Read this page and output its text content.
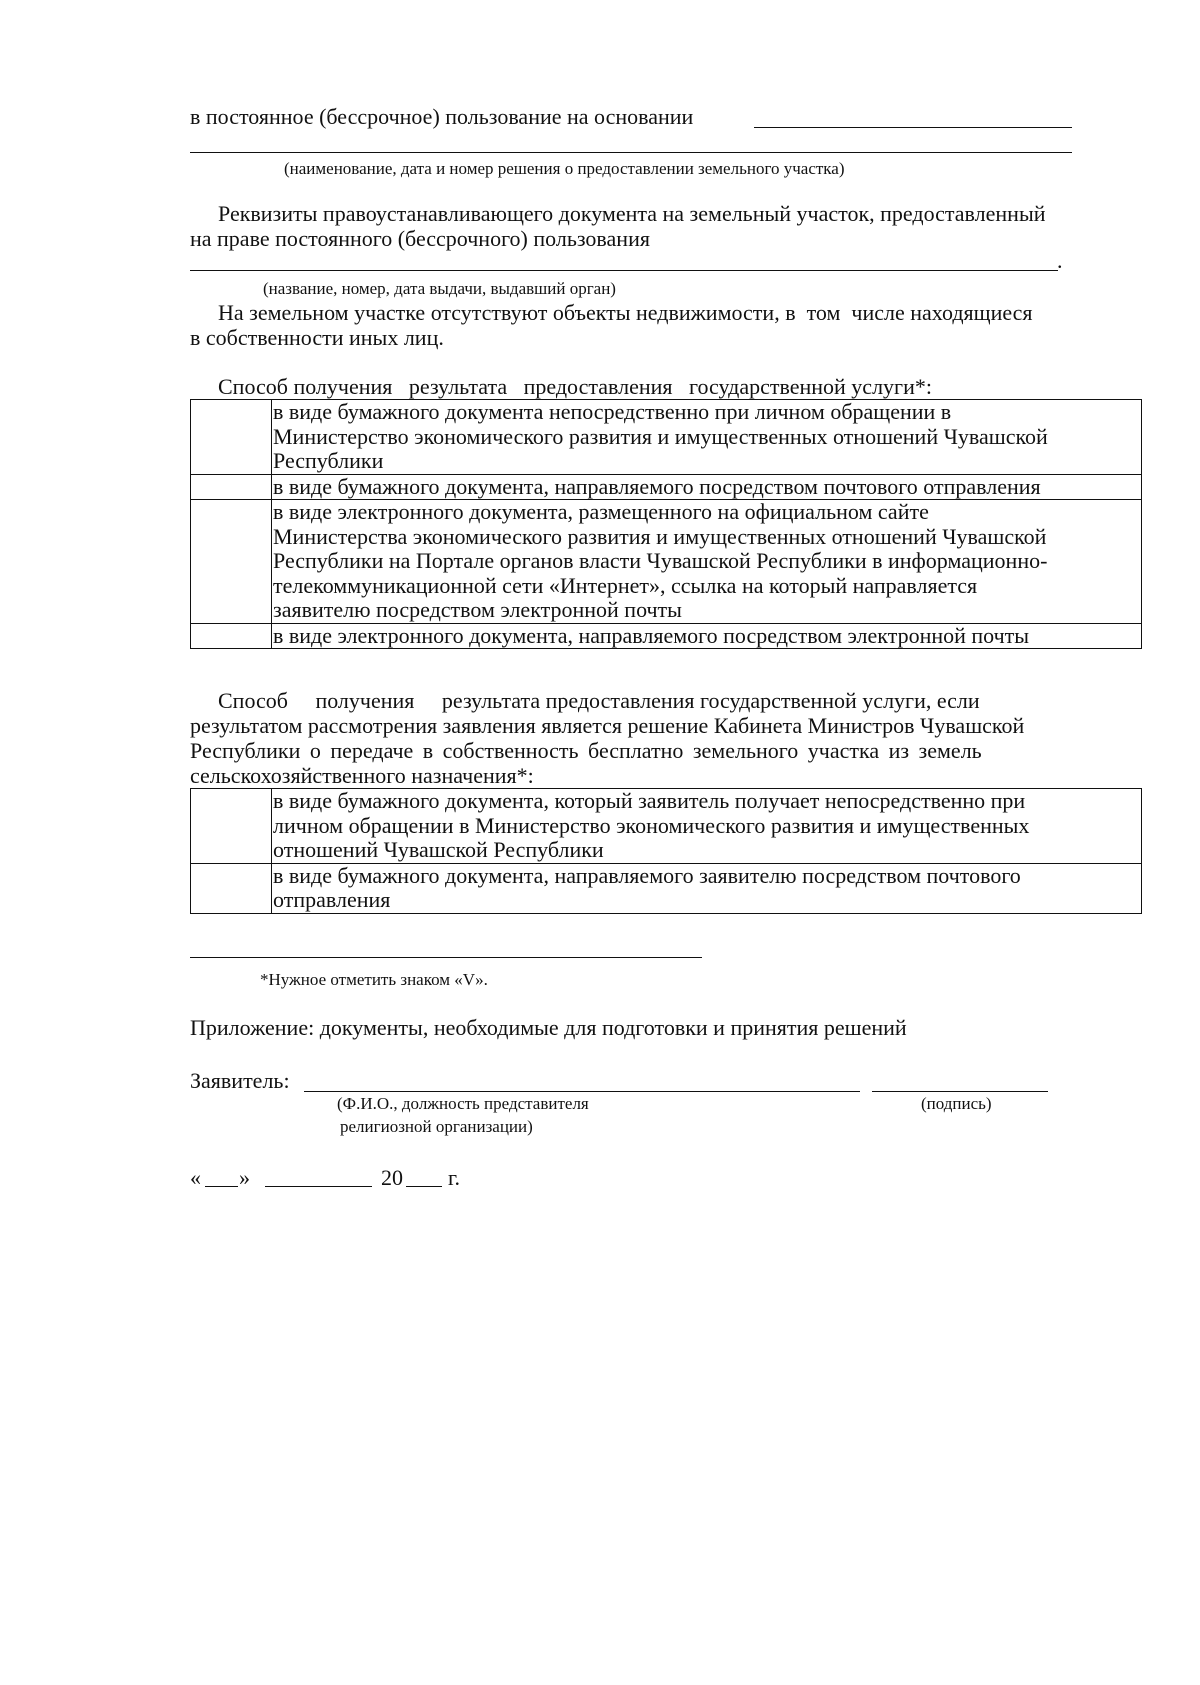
в постоянное (бессрочное) пользование на основании
(наименование, дата и номер решения о предоставлении земельного участка)
Реквизиты правоустанавливающего документа на земельный участок, предоставленный
на праве постоянного (бессрочного) пользования
.
(название, номер, дата выдачи, выдавший орган)
На земельном участке отсутствуют объекты недвижимости, в  том  числе находящиеся
в собственности иных лиц.
Способ получения   результата   предоставления   государственной услуги*:

	в виде бумажного документа непосредственно при личном обращении в
Министерство экономического развития и имущественных отношений Чувашской
Республики

	в виде бумажного документа, направляемого посредством почтового отправления

	в виде электронного документа, размещенного на официальном сайте
Министерства экономического развития и имущественных отношений Чувашской
Республики на Портале органов власти Чувашской Республики в информационно-
телекоммуникационной сети «Интернет», ссылка на который направляется
заявителю посредством электронной почты

	в виде электронного документа, направляемого посредством электронной почты
Способ     получения     результата предоставления государственной услуги, если
результатом рассмотрения заявления является решение Кабинета Министров Чувашской
Республики о передаче в собственность бесплатно земельного участка из земель
сельскохозяйственного назначения*:

	в виде бумажного документа, который заявитель получает непосредственно при
личном обращении в Министерство экономического развития и имущественных
отношений Чувашской Республики

	в виде бумажного документа, направляемого заявителю посредством почтового
отправления
*Нужное отметить знаком «V».
Приложение: документы, необходимые для подготовки и принятия решений
Заявитель:
(Ф.И.О., должность представителя
религиозной организации)
(подпись)
« »	20 г.
